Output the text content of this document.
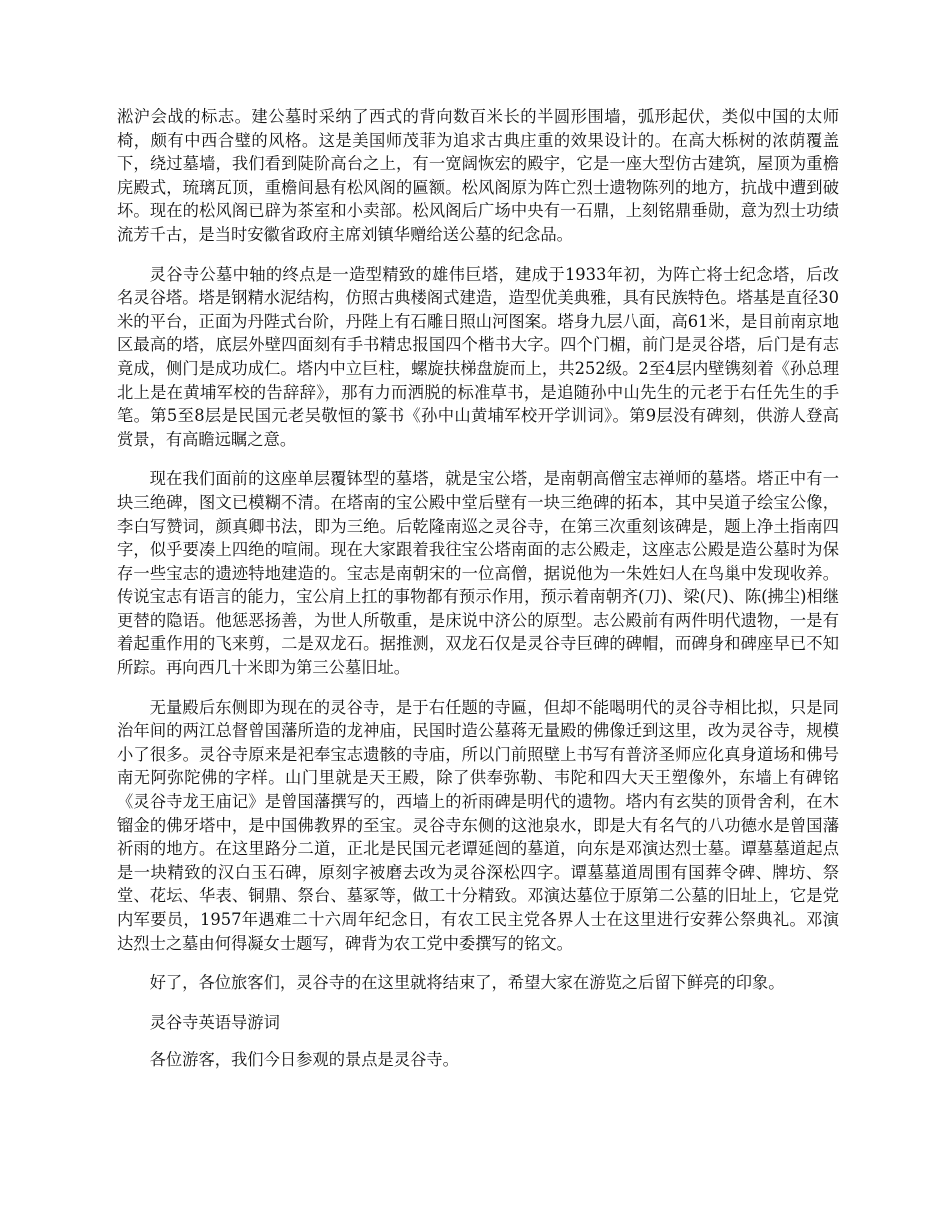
淞沪会战的标志。建公墓时采纳了西式的背向数百米长的半圆形围墙，弧形起伏，类似中国的太师椅，颇有中西合璧的风格。这是美国师茂菲为追求古典庄重的效果设计的。在高大栎树的浓荫覆盖下，绕过墓墙，我们看到陡阶高台之上，有一宽阔恢宏的殿宇，它是一座大型仿古建筑，屋顶为重檐庑殿式，琉璃瓦顶，重檐间悬有松风阁的匾额。松风阁原为阵亡烈士遗物陈列的地方，抗战中遭到破坏。现在的松风阁已辟为茶室和小卖部。松风阁后广场中央有一石鼎，上刻铭鼎垂勋，意为烈士功绩流芳千古，是当时安徽省政府主席刘镇华赠给送公墓的纪念品。

灵谷寺公墓中轴的终点是一造型精致的雄伟巨塔，建成于1933年初，为阵亡将士纪念塔，后改名灵谷塔。塔是钢精水泥结构，仿照古典楼阁式建造，造型优美典雅，具有民族特色。塔基是直径30米的平台，正面为丹陛式台阶，丹陛上有石雕日照山河图案。塔身九层八面，高61米，是目前南京地区最高的塔，底层外壁四面刻有手书精忠报国四个楷书大字。四个门楣，前门是灵谷塔，后门是有志竟成，侧门是成功成仁。塔内中立巨柱，螺旋扶梯盘旋而上，共252级。2至4层内壁镌刻着《孙总理北上是在黄埔军校的告辞辞》，那有力而洒脱的标准草书，是追随孙中山先生的元老于右任先生的手笔。第5至8层是民国元老吴敬恒的篆书《孙中山黄埔军校开学训词》。第9层没有碑刻，供游人登高赏景，有高瞻远瞩之意。

现在我们面前的这座单层覆钵型的墓塔，就是宝公塔，是南朝高僧宝志禅师的墓塔。塔正中有一块三绝碑，图文已模糊不清。在塔南的宝公殿中堂后壁有一块三绝碑的拓本，其中吴道子绘宝公像，李白写赞词，颜真卿书法，即为三绝。后乾隆南巡之灵谷寺，在第三次重刻该碑是，题上净土指南四字，似乎要凑上四绝的喧闹。现在大家跟着我往宝公塔南面的志公殿走，这座志公殿是造公墓时为保存一些宝志的遗迹特地建造的。宝志是南朝宋的一位高僧，据说他为一朱姓妇人在鸟巢中发现收养。传说宝志有语言的能力，宝公肩上扛的事物都有预示作用，预示着南朝齐(刀)、梁(尺)、陈(拂尘)相继更替的隐语。他惩恶扬善，为世人所敬重，是床说中济公的原型。志公殿前有两件明代遗物，一是有着起重作用的飞来剪，二是双龙石。据推测，双龙石仅是灵谷寺巨碑的碑帽，而碑身和碑座早已不知所踪。再向西几十米即为第三公墓旧址。

无量殿后东侧即为现在的灵谷寺，是于右任题的寺匾，但却不能喝明代的灵谷寺相比拟，只是同治年间的两江总督曾国藩所造的龙神庙，民国时造公墓蒋无量殿的佛像迁到这里，改为灵谷寺，规模小了很多。灵谷寺原来是祀奉宝志遗骸的寺庙，所以门前照壁上书写有普济圣师应化真身道场和佛号南无阿弥陀佛的字样。山门里就是天王殿，除了供奉弥勒、韦陀和四大天王塑像外，东墙上有碑铭《灵谷寺龙王庙记》是曾国藩撰写的，西墙上的祈雨碑是明代的遗物。塔内有玄奘的顶骨舍利，在木镏金的佛牙塔中，是中国佛教界的至宝。灵谷寺东侧的这池泉水，即是大有名气的八功德水是曾国藩祈雨的地方。在这里路分二道，正北是民国元老谭延闿的墓道，向东是邓演达烈士墓。谭墓墓道起点是一块精致的汉白玉石碑，原刻字被磨去改为灵谷深松四字。谭墓墓道周围有国葬令碑、牌坊、祭堂、花坛、华表、铜鼎、祭台、墓冢等，做工十分精致。邓演达墓位于原第二公墓的旧址上，它是党内军要员，1957年遇难二十六周年纪念日，有农工民主党各界人士在这里进行安葬公祭典礼。邓演达烈士之墓由何得凝女士题写，碑背为农工党中委撰写的铭文。

好了，各位旅客们，灵谷寺的在这里就将结束了，希望大家在游览之后留下鲜亮的印象。

灵谷寺英语导游词

各位游客，我们今日参观的景点是灵谷寺。
